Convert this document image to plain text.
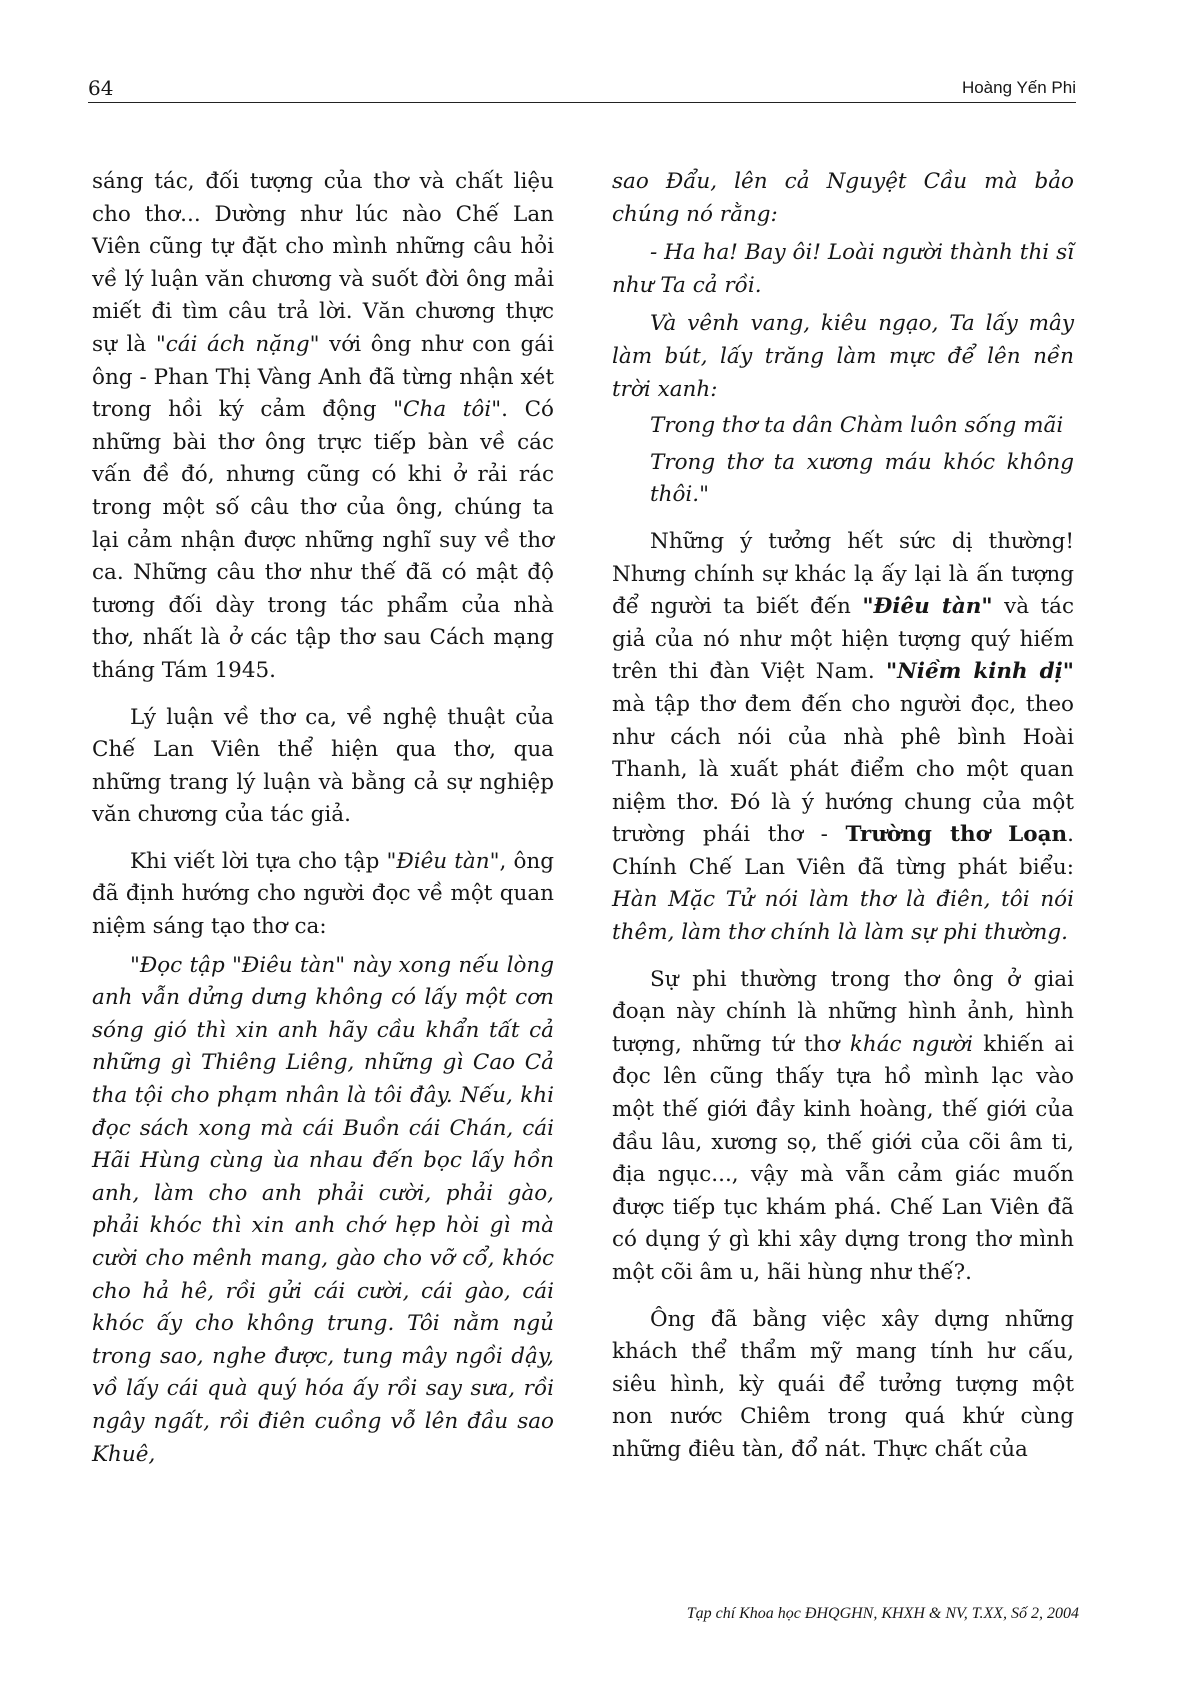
64	Hoàng Yến Phi

sáng tác, đối tượng của thơ và chất liệu cho thơ... Dường như lúc nào Chế Lan Viên cũng tự đặt cho mình những câu hỏi về lý luận văn chương và suốt đời ông mải miết đi tìm câu trả lời. Văn chương thực sự là "cái ách nặng" với ông như con gái ông - Phan Thị Vàng Anh đã từng nhận xét trong hồi ký cảm động "Cha tôi". Có những bài thơ ông trực tiếp bàn về các vấn đề đó, nhưng cũng có khi ở rải rác trong một số câu thơ của ông, chúng ta lại cảm nhận được những nghĩ suy về thơ ca. Những câu thơ như thế đã có mật độ tương đối dày trong tác phẩm của nhà thơ, nhất là ở các tập thơ sau Cách mạng tháng Tám 1945.

Lý luận về thơ ca, về nghệ thuật của Chế Lan Viên thể hiện qua thơ, qua những trang lý luận và bằng cả sự nghiệp văn chương của tác giả.

Khi viết lời tựa cho tập "Điêu tàn", ông đã định hướng cho người đọc về một quan niệm sáng tạo thơ ca:

"Đọc tập "Điêu tàn" này xong nếu lòng anh vẫn dửng dưng không có lấy một cơn sóng gió thì xin anh hãy cầu khẩn tất cả những gì Thiêng Liêng, những gì Cao Cả tha tội cho phạm nhân là tôi đây. Nếu, khi đọc sách xong mà cái Buồn cái Chán, cái Hãi Hùng cùng ùa nhau đến bọc lấy hồn anh, làm cho anh phải cười, phải gào, phải khóc thì xin anh chớ hẹp hòi gì mà cười cho mênh mang, gào cho vỡ cổ, khóc cho hả hê, rồi gửi cái cười, cái gào, cái khóc ấy cho không trung. Tôi nằm ngủ trong sao, nghe được, tung mây ngồi dậy, vồ lấy cái quà quý hóa ấy rồi say sưa, rồi ngây ngất, rồi điên cuồng vỗ lên đầu sao Khuê,

sao Đẩu, lên cả Nguyệt Cầu mà bảo chúng nó rằng:

- Ha ha! Bay ôi! Loài người thành thi sĩ như Ta cả rồi.

Và vênh vang, kiêu ngạo, Ta lấy mây làm bút, lấy trăng làm mực để lên nền trời xanh:

Trong thơ ta dân Chàm luôn sống mãi

Trong thơ ta xương máu khóc không thôi."

Những ý tưởng hết sức dị thường! Nhưng chính sự khác lạ ấy lại là ấn tượng để người ta biết đến "Điêu tàn" và tác giả của nó như một hiện tượng quý hiếm trên thi đàn Việt Nam. "Niềm kinh dị" mà tập thơ đem đến cho người đọc, theo như cách nói của nhà phê bình Hoài Thanh, là xuất phát điểm cho một quan niệm thơ. Đó là ý hướng chung của một trường phái thơ - Trường thơ Loạn. Chính Chế Lan Viên đã từng phát biểu: Hàn Mặc Tử nói làm thơ là điên, tôi nói thêm, làm thơ chính là làm sự phi thường.

Sự phi thường trong thơ ông ở giai đoạn này chính là những hình ảnh, hình tượng, những tứ thơ khác người khiến ai đọc lên cũng thấy tựa hồ mình lạc vào một thế giới đầy kinh hoàng, thế giới của đầu lâu, xương sọ, thế giới của cõi âm ti, địa ngục..., vậy mà vẫn cảm giác muốn được tiếp tục khám phá. Chế Lan Viên đã có dụng ý gì khi xây dựng trong thơ mình một cõi âm u, hãi hùng như thế?.

Ông đã bằng việc xây dựng những khách thể thẩm mỹ mang tính hư cấu, siêu hình, kỳ quái để tưởng tượng một non nước Chiêm trong quá khứ cùng những điêu tàn, đổ nát. Thực chất của

Tạp chí Khoa học ĐHQGHN, KHXH & NV, T.XX, Số 2, 2004
